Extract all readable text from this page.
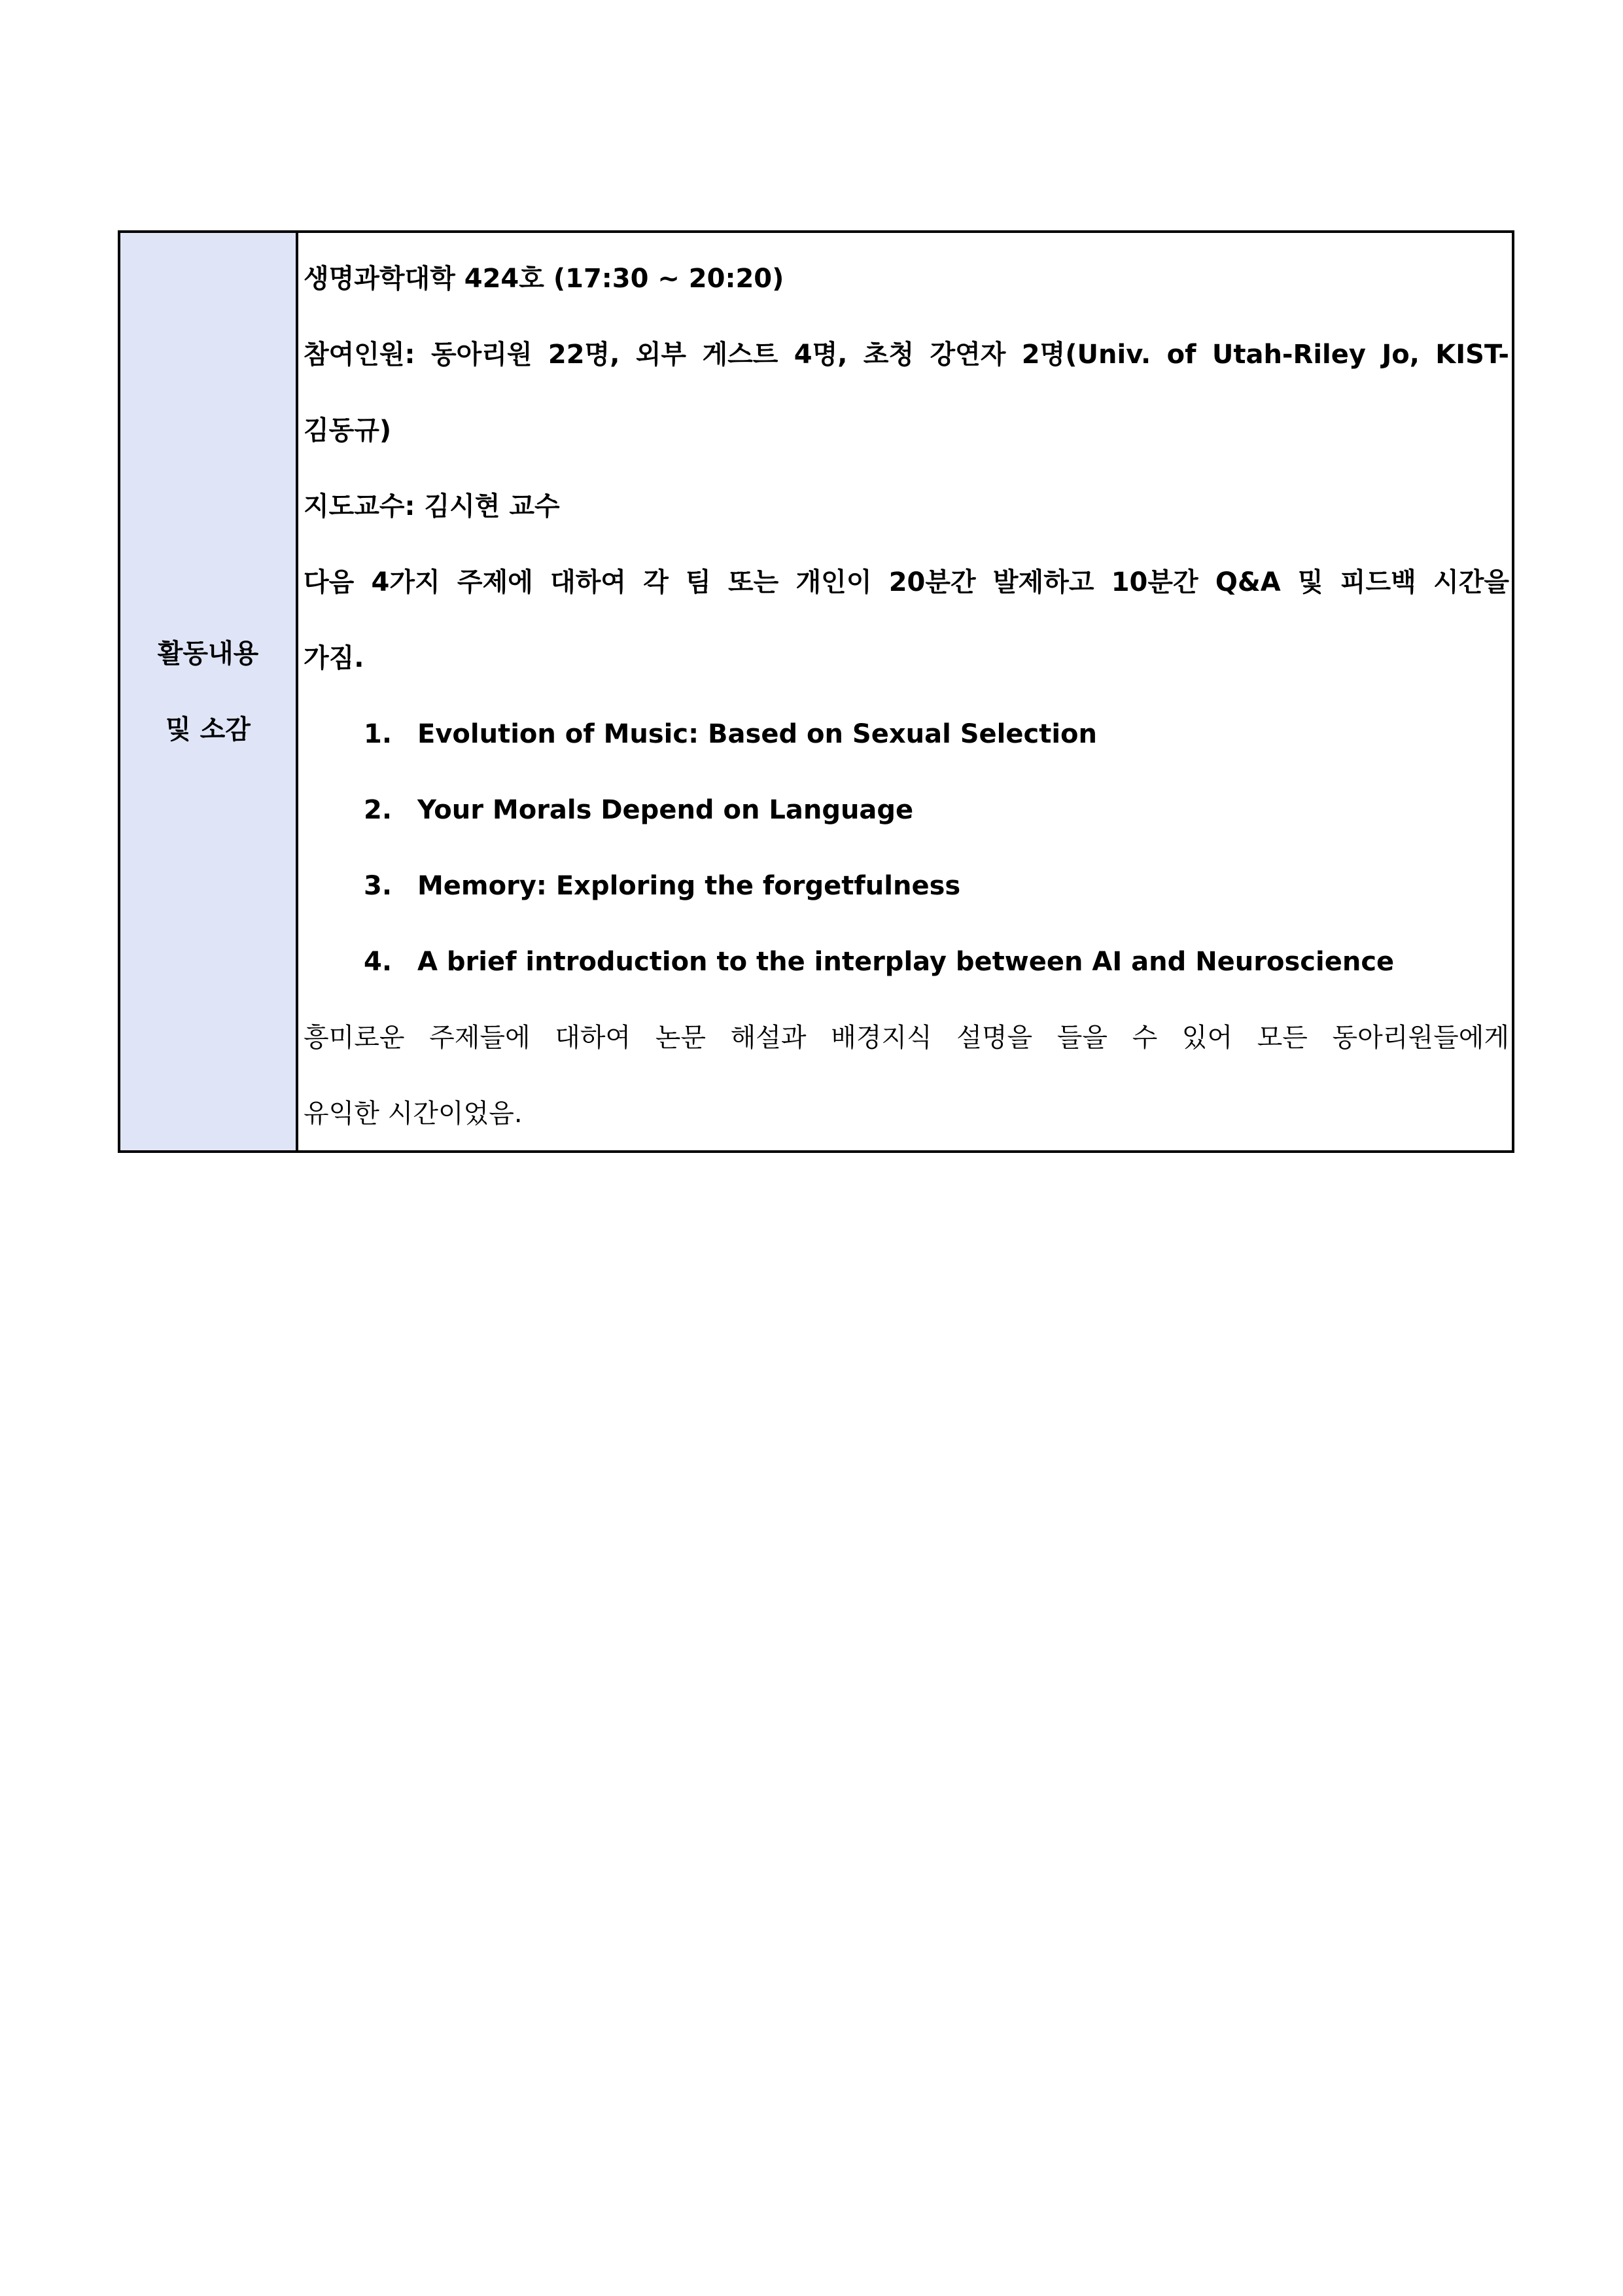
활동내용
및 소감
생명과학대학 424호 (17:30 ~ 20:20)
참여인원: 동아리원 22명, 외부 게스트 4명, 초청 강연자 2명(Univ. of Utah-Riley Jo, KIST-
김동규)
지도교수: 김시현 교수
다음 4가지 주제에 대하여 각 팀 또는 개인이 20분간 발제하고 10분간 Q&A 및 피드백 시간을
가짐.
1. Evolution of Music: Based on Sexual Selection
2. Your Morals Depend on Language
3. Memory: Exploring the forgetfulness
4. A brief introduction to the interplay between AI and Neuroscience
흥미로운 주제들에 대하여 논문 해설과 배경지식 설명을 들을 수 있어 모든 동아리원들에게
유익한 시간이었음.
